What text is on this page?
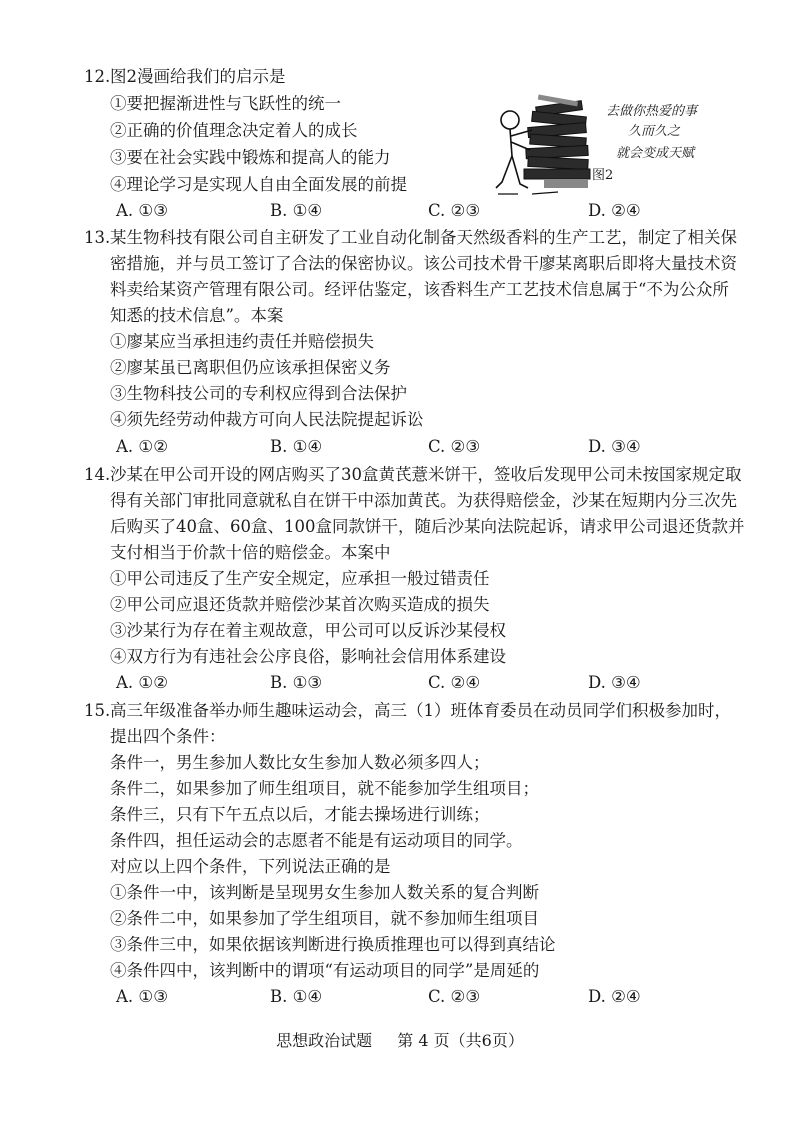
12. 图2漫画给我们的启示是
①要把握渐进性与飞跃性的统一
②正确的价值理念决定着人的成长
③要在社会实践中锻炼和提高人的能力
④理论学习是实现人自由全面发展的前提
A. ①③	B. ①④	C. ②③	D. ②④
去做你热爱的事
久而久之
就会变成天赋
图2
13. 某生物科技有限公司自主研发了工业自动化制备天然级香料的生产工艺，制定了相关保
密措施，并与员工签订了合法的保密协议。该公司技术骨干廖某离职后即将大量技术资
料卖给某资产管理有限公司。经评估鉴定，该香料生产工艺技术信息属于“不为公众所
知悉的技术信息”。本案
①廖某应当承担违约责任并赔偿损失
②廖某虽已离职但仍应该承担保密义务
③生物科技公司的专利权应得到合法保护
④须先经劳动仲裁方可向人民法院提起诉讼
A. ①②	B. ①④	C. ②③	D. ③④
14. 沙某在甲公司开设的网店购买了30盒黄芪薏米饼干，签收后发现甲公司未按国家规定取
得有关部门审批同意就私自在饼干中添加黄芪。为获得赔偿金，沙某在短期内分三次先
后购买了40盒、60盒、100盒同款饼干，随后沙某向法院起诉，请求甲公司退还货款并
支付相当于价款十倍的赔偿金。本案中
①甲公司违反了生产安全规定，应承担一般过错责任
②甲公司应退还货款并赔偿沙某首次购买造成的损失
③沙某行为存在着主观故意，甲公司可以反诉沙某侵权
④双方行为有违社会公序良俗，影响社会信用体系建设
A. ①②	B. ①③	C. ②④	D. ③④
15. 高三年级准备举办师生趣味运动会，高三（1）班体育委员在动员同学们积极参加时，
提出四个条件：
条件一，男生参加人数比女生参加人数必须多四人；
条件二，如果参加了师生组项目，就不能参加学生组项目；
条件三，只有下午五点以后，才能去操场进行训练；
条件四，担任运动会的志愿者不能是有运动项目的同学。
对应以上四个条件，下列说法正确的是
①条件一中，该判断是呈现男女生参加人数关系的复合判断
②条件二中，如果参加了学生组项目，就不参加师生组项目
③条件三中，如果依据该判断进行换质推理也可以得到真结论
④条件四中，该判断中的谓项“有运动项目的同学”是周延的
A. ①③	B. ①④	C. ②③	D. ②④
思想政治试题 第 4 页（共6页）
